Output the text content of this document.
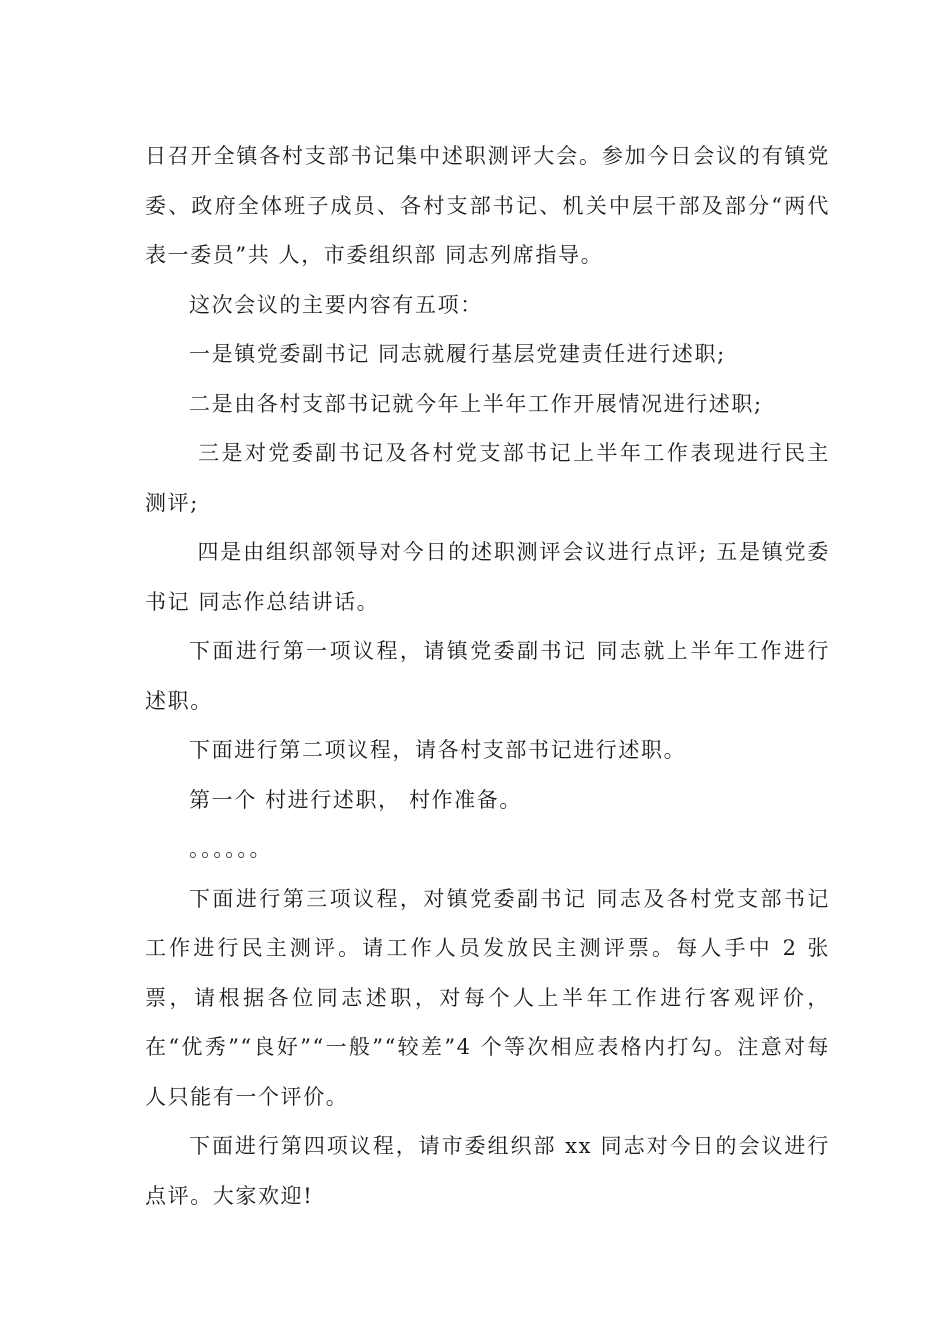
日召开全镇各村支部书记集中述职测评大会。参加今日会议的有镇党委、政府全体班子成员、各村支部书记、机关中层干部及部分“两代表一委员”共 人，市委组织部 同志列席指导。

这次会议的主要内容有五项：

一是镇党委副书记 同志就履行基层党建责任进行述职;

二是由各村支部书记就今年上半年工作开展情况进行述职;

三是对党委副书记及各村党支部书记上半年工作表现进行民主测评;

四是由组织部领导对今日的述职测评会议进行点评; 五是镇党委书记 同志作总结讲话。

下面进行第一项议程，请镇党委副书记 同志就上半年工作进行述职。

下面进行第二项议程，请各村支部书记进行述职。

第一个 村进行述职， 村作准备。

。。。。。。

下面进行第三项议程，对镇党委副书记 同志及各村党支部书记工作进行民主测评。请工作人员发放民主测评票。每人手中 2 张票，请根据各位同志述职，对每个人上半年工作进行客观评价，在“优秀”“良好”“一般”“较差”4 个等次相应表格内打勾。注意对每人只能有一个评价。

下面进行第四项议程，请市委组织部 xx 同志对今日的会议进行点评。大家欢迎!
